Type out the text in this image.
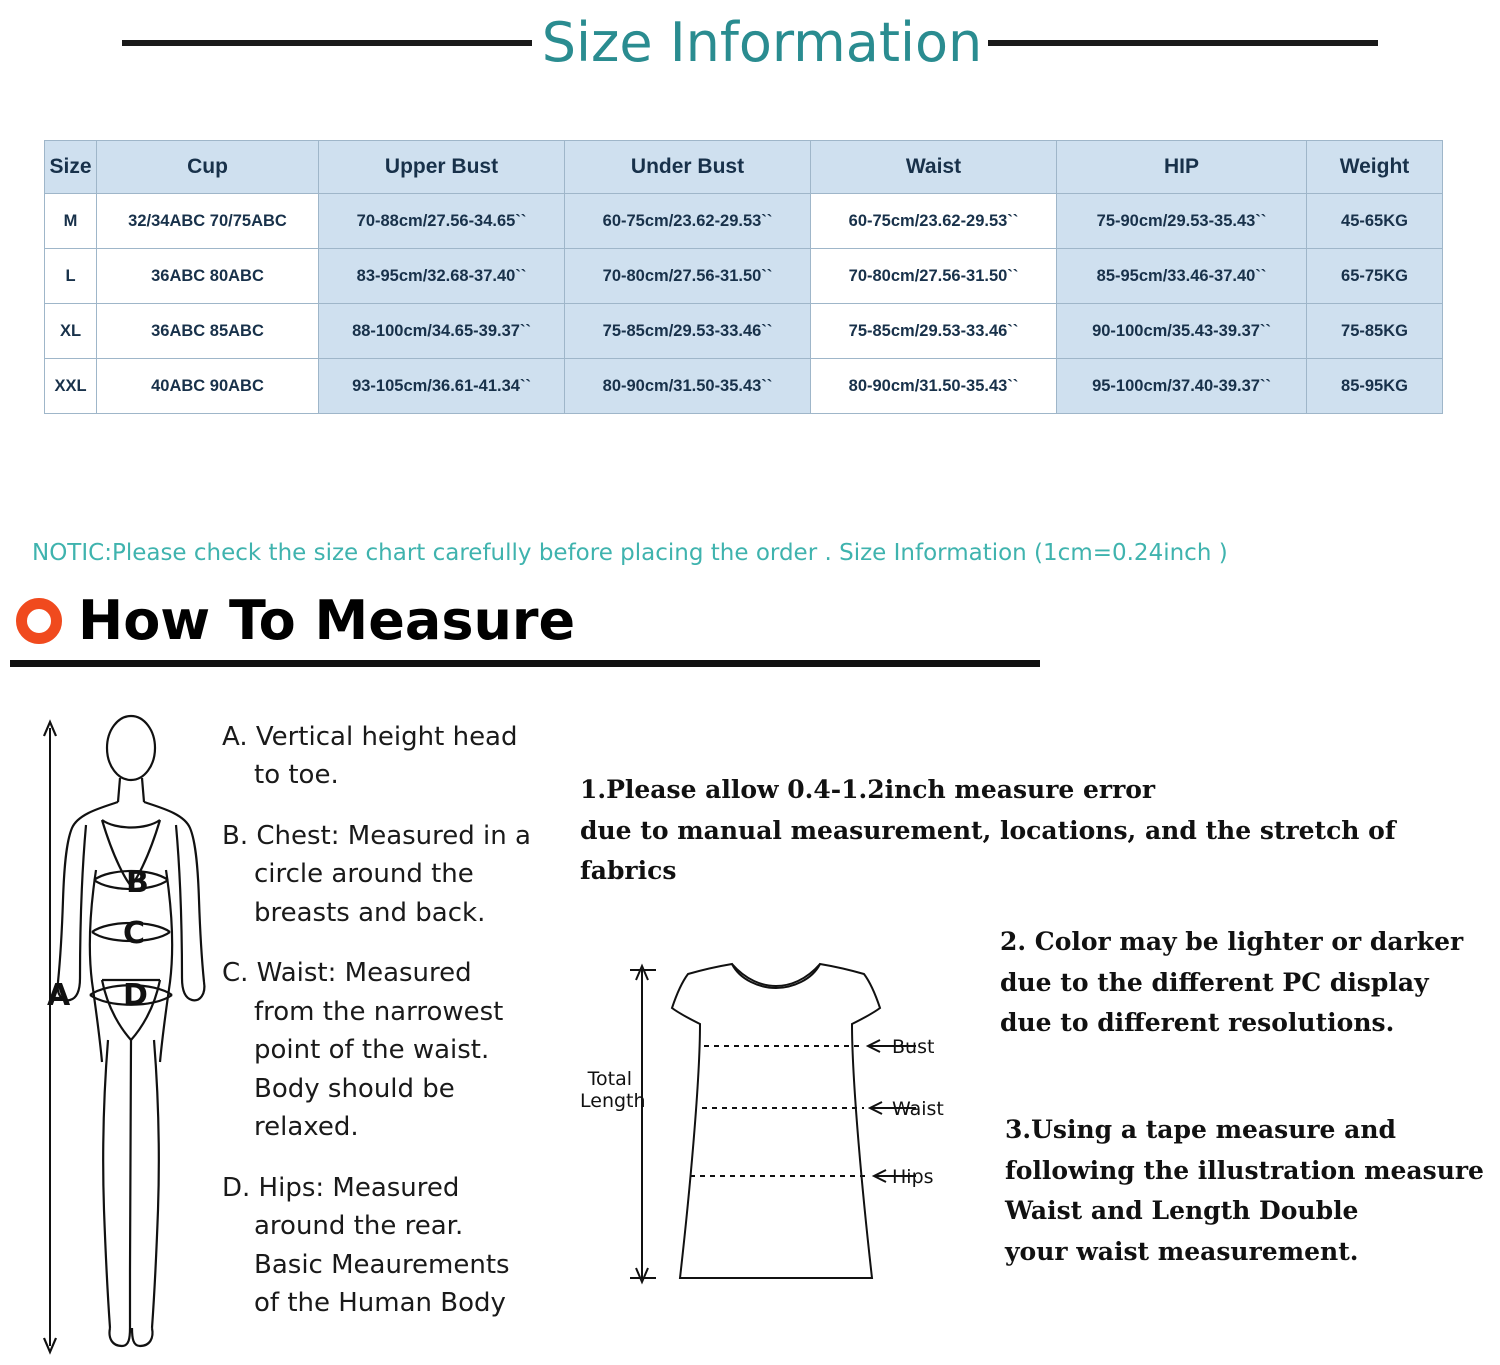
Size Information
Size	Cup	Upper Bust	Under Bust	Waist	HIP	Weight
M	32/34ABC 70/75ABC	70-88cm/27.56-34.65``	60-75cm/23.62-29.53``	60-75cm/23.62-29.53``	75-90cm/29.53-35.43``	45-65KG
L	36ABC 80ABC	83-95cm/32.68-37.40``	70-80cm/27.56-31.50``	70-80cm/27.56-31.50``	85-95cm/33.46-37.40``	65-75KG
XL	36ABC 85ABC	88-100cm/34.65-39.37``	75-85cm/29.53-33.46``	75-85cm/29.53-33.46``	90-100cm/35.43-39.37``	75-85KG
XXL	40ABC 90ABC	93-105cm/36.61-41.34``	80-90cm/31.50-35.43``	80-90cm/31.50-35.43``	95-100cm/37.40-39.37``	85-95KG
NOTIC:Please check the size chart carefully before placing the order . Size Information (1cm=0.24inch )
How To Measure
A
B
C
D

A. Vertical height head
to toe.

B. Chest: Measured in a
circle around the
breasts and back.

C. Waist: Measured
from the narrowest
point of the waist.
Body should be
relaxed.

D. Hips: Measured
around the rear.
Basic Meaurements
of the Human Body

Total
Length
Bust
Waist
Hips
1.Please allow 0.4-1.2inch measure error
due to manual measurement, locations, and the stretch of fabrics
2. Color may be lighter or darker
due to the different PC display
due to different resolutions.
3.Using a tape measure and
following the illustration measure
Waist and Length Double
your waist measurement.
